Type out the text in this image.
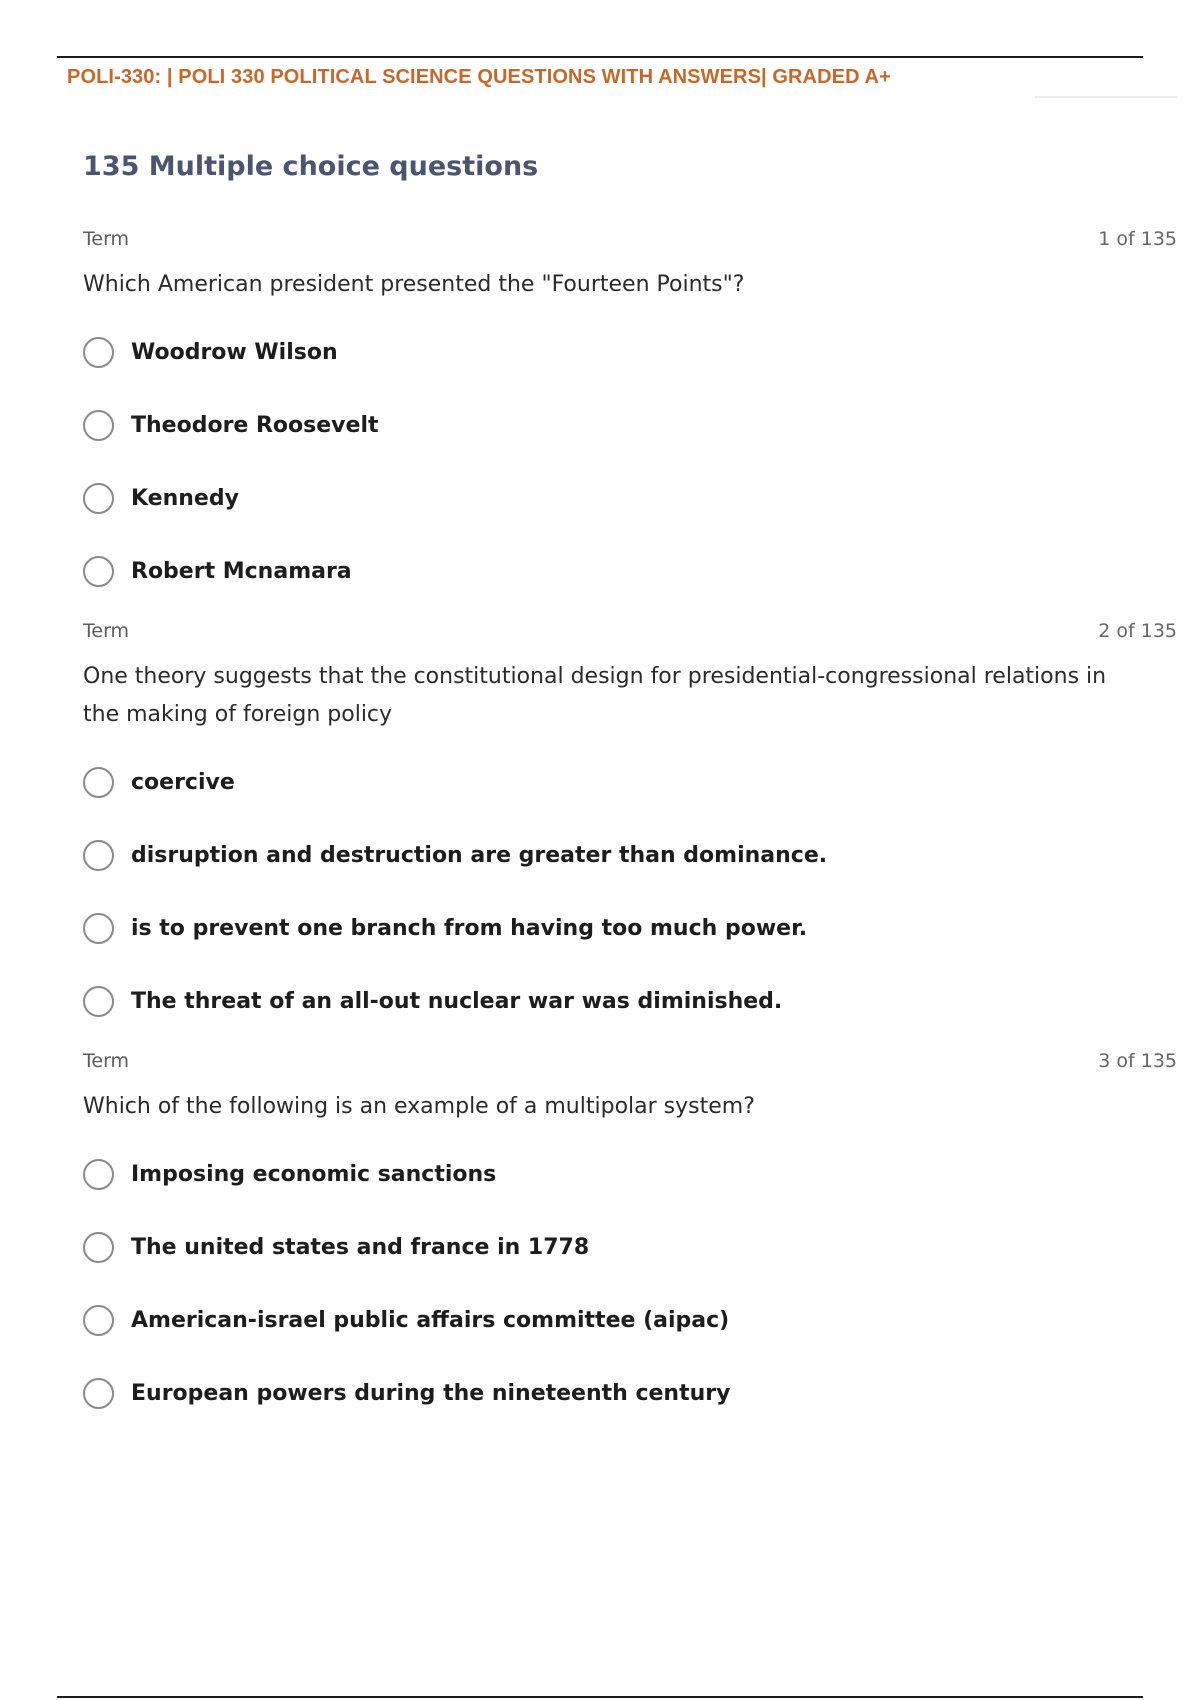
POLI-330: | POLI 330 POLITICAL SCIENCE QUESTIONS WITH ANSWERS| GRADED A+
135 Multiple choice questions
Term	1 of 135
Which American president presented the "Fourteen Points"?
Woodrow Wilson
Theodore Roosevelt
Kennedy
Robert Mcnamara
Term	2 of 135
One theory suggests that the constitutional design for presidential-congressional relations in the making of foreign policy
coercive
disruption and destruction are greater than dominance.
is to prevent one branch from having too much power.
The threat of an all-out nuclear war was diminished.
Term	3 of 135
Which of the following is an example of a multipolar system?
Imposing economic sanctions
The united states and france in 1778
American-israel public affairs committee (aipac)
European powers during the nineteenth century
